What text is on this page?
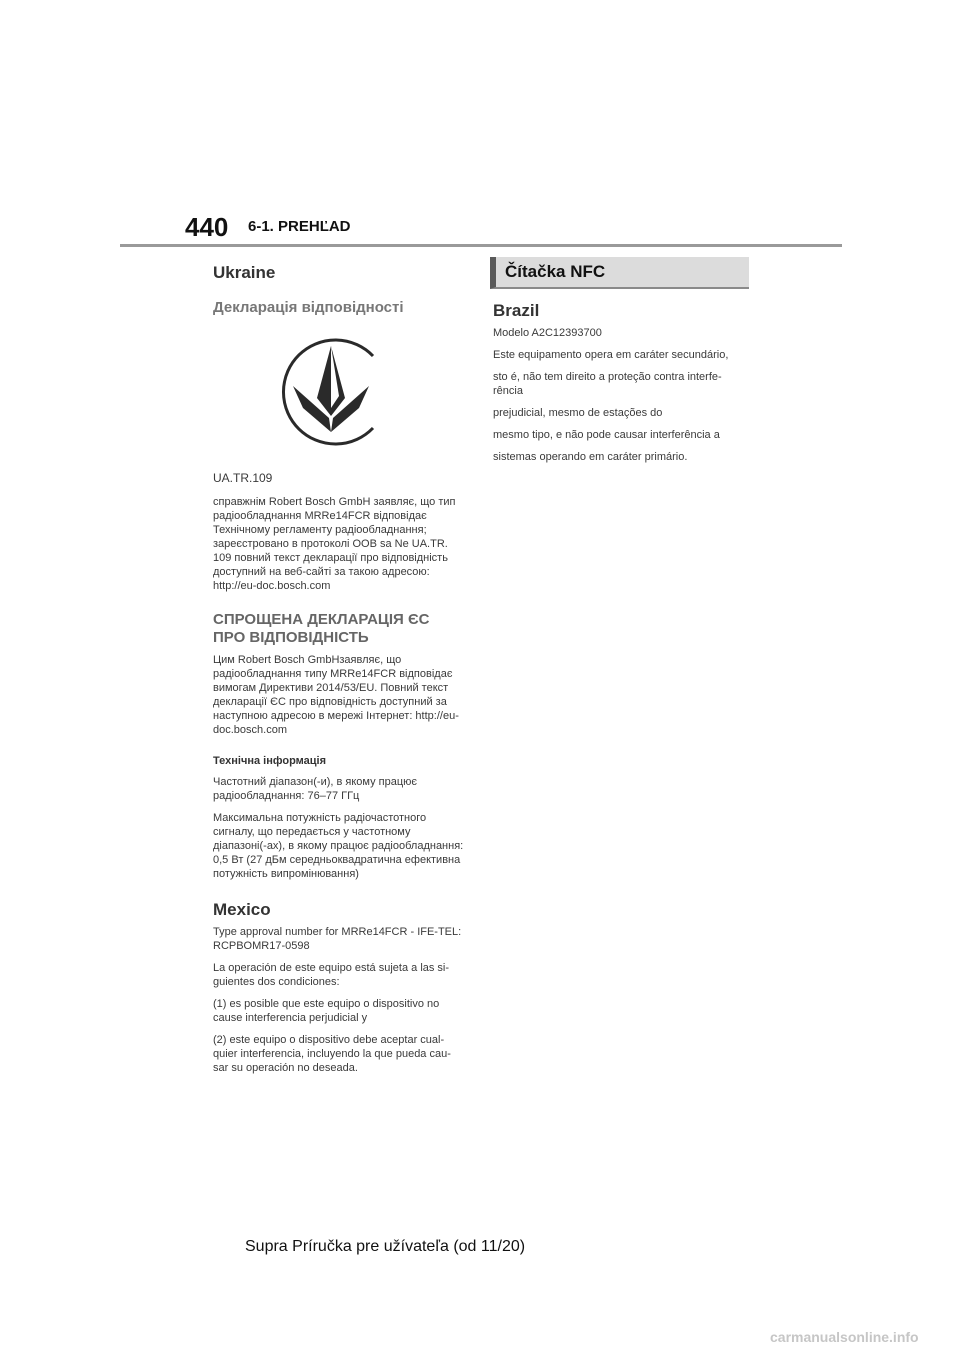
440 6-1. PREHĽAD
Ukraine
Декларація відповідності

UA.TR.109

справжнім Robert Bosch GmbH заявляє, що тип радіообладнання MRRe14FCR відповідає Технічному регламенту радіообладнання; зареєстровано в протоколі ООВ sa Ne UA.TR. 109 повний текст декларації про відповідність доступний на веб-сайті за такою адресою: http://eu-doc.bosch.com

СПРОЩЕНА ДЕКЛАРАЦІЯ ЄС ПРО ВІДПОВІДНІСТЬ

Цим Robert Bosch GmbHзаявляє, що радіообладнання типу MRRe14FCR відповідає вимогам Директиви 2014/53/EU. Повний текст декларації ЄС про відповідність доступний за наступною адресою в мережі Інтернет: http://eu-doc.bosch.com

Технічна інформація

Частотний діапазон(-и), в якому працює радіообладнання: 76–77 ГГц

Максимальна потужність радіочастотного сигналу, що передається у частотному діапазоні(-ах), в якому працює радіообладнання: 0,5 Вт (27 дБм середньоквадратична ефективна потужність випромінювання)

Mexico

Type approval number for MRRe14FCR - IFE-TEL: RCPBOMR17-0598

La operación de este equipo está sujeta a las si-guientes dos condiciones:

(1) es posible que este equipo o dispositivo no cause interferencia perjudicial y

(2) este equipo o dispositivo debe aceptar cual-quier interferencia, incluyendo la que pueda cau-sar su operación no deseada.

Čítačka NFC
Brazil

Modelo A2C12393700

Este equipamento opera em caráter secundário,

sto é, não tem direito a proteção contra interfe-rência

prejudicial, mesmo de estações do

mesmo tipo, e não pode causar interferência a

sistemas operando em caráter primário.

Supra Príručka pre užívateľa (od 11/20)
carmanualsonline.info
